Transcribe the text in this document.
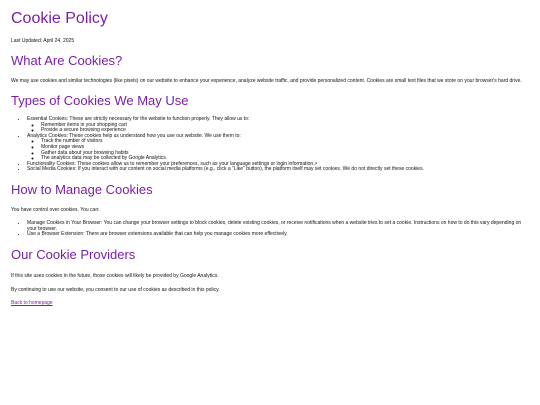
Cookie Policy

Last Updated: April 24, 2025

What Are Cookies?

We may use cookies and similar technologies (like pixels) on our website to enhance your experience, analyze website traffic, and provide personalized content. Cookies are small text files that we store on your browser's hard drive.

Types of Cookies We May Use
• Essential Cookies: These are strictly necessary for the website to function properly. They allow us to:
◦ Remember items in your shopping cart
◦ Provide a secure browsing experience
• Analytics Cookies: These cookies help us understand how you use our website. We use them to:
◦ Track the number of visitors
◦ Monitor page views
◦ Gather data about your browsing habits
◦ The analytics data may be collected by Google Analytics.
• Functionality Cookies: These cookies allow us to remember your preferences, such as your language settings or login information.>
• Social Media Cookies: If you interact with our content on social media platforms (e.g., click a "Like" button), the platform itself may set cookies. We do not directly set these cookies.
How to Manage Cookies

You have control over cookies. You can:

• Manage Cookies in Your Browser: You can change your browser settings to block cookies, delete existing cookies, or receive notifications when a website tries to set a cookie. Instructions on how to do this vary depending on your browser.
• Use a Browser Extension: There are browser extensions available that can help you manage cookies more effectively.
Our Cookie Providers

If this site uses cookies in the future, those cookies will likely be provided by Google Analytics.

By continuing to use our website, you consent to our use of cookies as described in this policy.

Back to homepage
